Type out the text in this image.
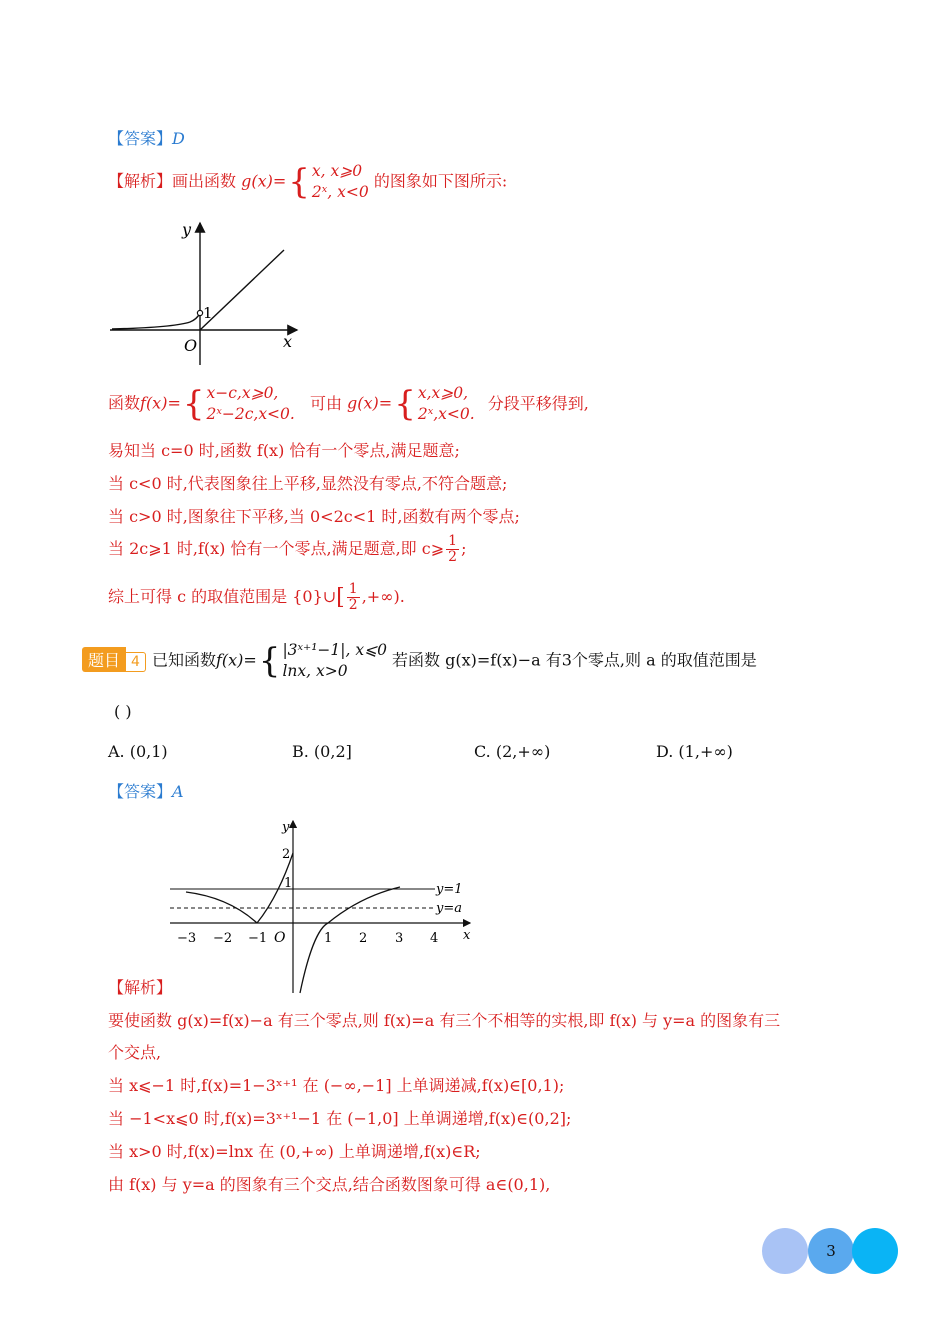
【答案】D
【解析】画出函数 g(x)={ x, x⩾0
2ˣ, x<0
的图象如下图所示:
y
x
O
1
函数f(x)={ x−c,x⩾0,
2ˣ−2c,x<0.
可由 g(x)={ x,x⩾0,
2ˣ,x<0.
分段平移得到,
易知当 c=0 时,函数 f(x) 恰有一个零点,满足题意;
当 c<0 时,代表图象往上平移,显然没有零点,不符合题意;
当 c>0 时,图象往下平移,当 0<2c<1 时,函数有两个零点;
当 2c⩾1 时,f(x) 恰有一个零点,满足题意,即 c⩾ $\frac{1}{2}$ ;
综上可得 c 的取值范围是 {0}∪[ $\frac{1}{2}$ ,+∞).
题目 4 已知函数f(x)={ |3ˣ⁺¹−1|, x⩽0
lnx, x>0
若函数 g(x)=f(x)−a 有3个零点,则 a 的取值范围是
( )
A. (0,1)	B. (0,2]	C. (2,+∞)	D. (1,+∞)
【答案】A
−3 −2 −1	1 2 3 4
2
1
O	x
y
y=1
y=a
【解析】
要使函数 g(x)=f(x)−a 有三个零点,则 f(x)=a 有三个不相等的实根,即 f(x) 与 y=a 的图象有三
个交点,
当 x⩽−1 时,f(x)=1−3ˣ⁺¹ 在 (−∞,−1] 上单调递减,f(x)∈[0,1);
当 −1<x⩽0 时,f(x)=3ˣ⁺¹−1 在 (−1,0] 上单调递增,f(x)∈(0,2];
当 x>0 时,f(x)=lnx 在 (0,+∞) 上单调递增,f(x)∈R;
由 f(x) 与 y=a 的图象有三个交点,结合函数图象可得 a∈(0,1),
3
